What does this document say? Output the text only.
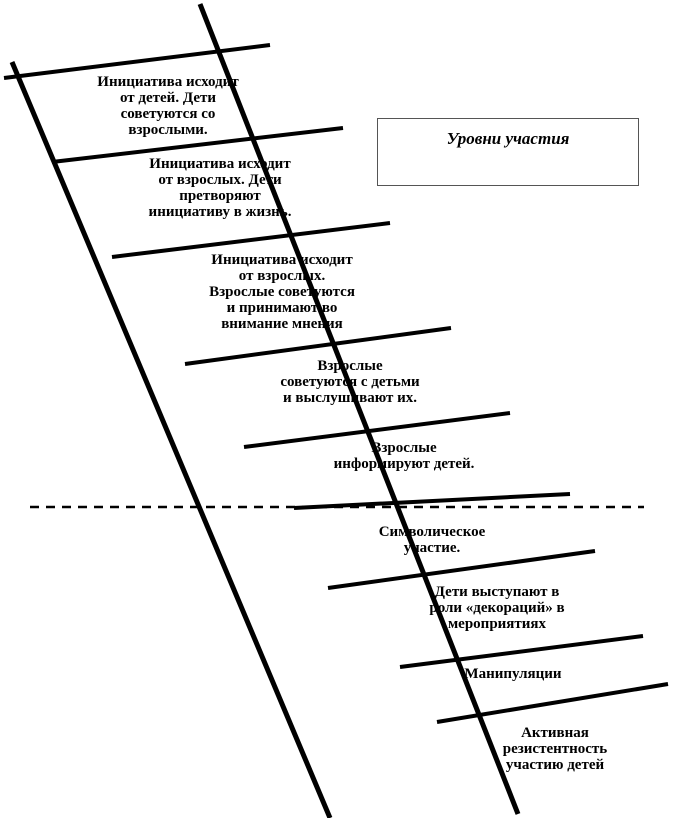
Уровни участия
Инициатива исходит
от детей. Дети
советуются со
взрослыми.
Инициатива исходит
от взрослых. Дети
претворяют
инициативу в жизнь.
Инициатива исходит
от взрослых.
Взрослые советуются
и принимают во
внимание мнения
Взрослые
советуются с детьми
и выслушивают их.
Взрослые
информируют детей.
Символическое
участие.
Дети выступают в
роли «декораций» в
мероприятиях
Манипуляции
Активная
резистентность
участию детей
